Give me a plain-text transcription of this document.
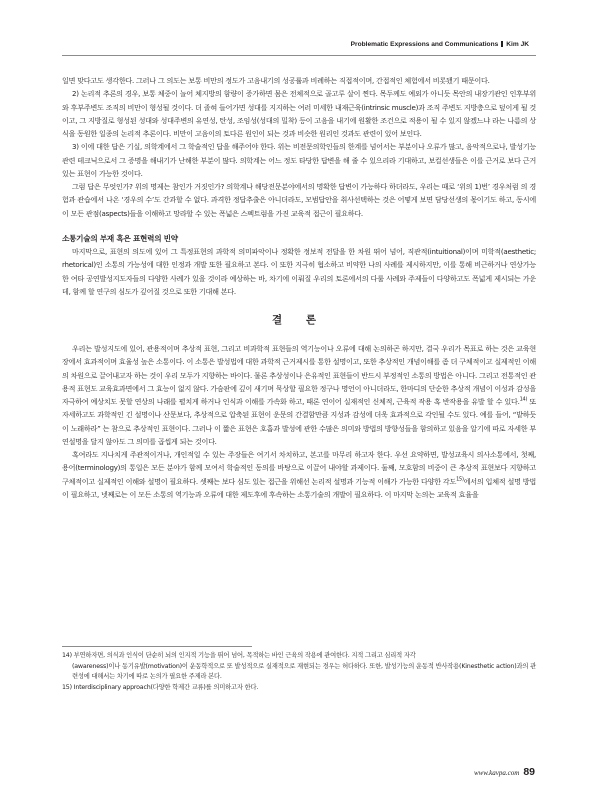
Problematic Expressions and Communications Kim JK

일면 맞다고도 생각한다. 그러나 그 의도는 보통 비만의 정도가 고음내기의 성공률과 비례하는 직접적이며, 간접적인 체험에서 비롯됐기 때문이다.

2) 논리적 추론의 경우, 보통 체중이 늘어 체지방의 함량이 증가하면 몸은 전체적으로 골고루 살이 찐다. 목두께도 예외가 아니듯 목안의 내장기관인 인후부위와 후부주변도 조직의 비만이 형성될 것이다. 더 졸혀 들어가면 성대를 지지하는 여러 미세한 내재근육(intrinsic muscle)과 조직 주변도 지방층으로 덮이게 될 것이고, 그 지방질로 형성된 성대와 성대주변의 유연성, 탄성, 조임성(성대의 밀착) 등이 고음을 내기에 원활한 조건으로 적용이 될 수 있지 않겠느냐 라는 나름의 상식을 동원한 일종의 논리적 추론이다. 비만이 고음이의 토다른 원인이 되는 것과 비슷한 원리인 것과도 관련이 있어 보인다.

3) 이에 대한 답은 기실, 의학계에서 그 학술적인 답을 해주어야 한다. 위는 비전문의학인들의 한계를 넘어서는 부분이나 오류가 많고, 음악적으로나, 발성기능관련 테크닉으로서 그 증명을 해내기가 난해한 부분이 많다. 의학계는 어느 정도 타당한 답변을 해 줄 수 있으리라 기대하고, 보컬선생들은 이를 근거로 보다 근거 있는 표현이 가능한 것이다.

그럼 답은 무엇인가? 위의 명제는 참인가 거짓인가? 의학계나 해당전문분야에서의 명확한 답변이 가능하다 하더라도, 우리는 때로 ‘위의 1)번’ 경우처럼 의 경험과 관습에서 나온 ‘경우의 수’도 간과할 수 없다. 과격한 정답추출은 아니더라도, 모범답안을 취사선택하는 것은 어떻게 보면 담당선생의 몫이기도 하고, 동시에 이 모든 관점(aspects)들을 이해하고 망라할 수 있는 폭넓은 스펙트럼을 가진 교육적 접근이 필요하다.

소통기술의 부재 혹은 표현력의 빈약

마지막으로, 표현의 의도에 있어 그 특정표현의 과학적 의미파악이나 정확한 정보적 전달을 한 차원 뛰어 넘어, 직관적(intuitional)이며 미학적(aesthetic; rhetorical)인 소통의 가능성에 대한 인정과 개발 또한 필요하고 본다. 이 또한 지극히 협소하고 비약한 나의 사례를 제시하지만, 이를 통해 비근하거나 연상가능한 여타 공연발성지도자들의 다양한 사례가 있을 것이라 예상하는 바, 차기에 이뤄질 우리의 토론에서의 다룰 사례와 주제들이 다양하고도 폭넓게 제시되는 가운데, 함께 할 연구의 심도가 깊어질 것으로 또한 기대해 본다.

결 론

우리는 발성지도에 있어, 관용적이며 추상적 표현, 그리고 비과학적 표현들의 역기능이나 오류에 대해 논의하곤 하지만, 결국 우리가 목표로 하는 것은 교육현장에서 효과적이며 효율성 높은 소통이다. 이 소통은 발성법에 대한 과학적 근거제시를 통한 설명이고, 또한 추상적인 개념이해를 좀 더 구체적이고 실제적인 이해의 차원으로 끌어내고자 하는 것이 우리 모두가 지향하는 바이다. 물론 추상성이나 은유적인 표현들이 반드시 부정적인 소통의 방법은 아니다. 그리고 전통적인 관용적 표현도 교육효과면에서 그 효능이 없지 않다. 가슴판에 깊이 새기며 묵상할 필요한 정구나 명언이 아니더라도, 한마디의 단순한 추상적 개념이 이성과 감성을 자극하여 예상치도 못할 연상의 나래를 펼치게 하거나 인식과 이해를 가속화 하고, 때론 연이어 실재적인 신체적, 근육적 작용 혹 반작용을 유발 할 수 있다.$^{14)}$ 또 자세하고도 과학적인 긴 설명이나 산문보다, 추상적으로 압축된 표현이 운문의 간결함만큼 지성과 감성에 더욱 효과적으로 각인될 수도 있다. 예를 들어, “밭하듯이 노래하라” 는 참으로 추상적인 표현이다. 그러나 이 짧은 표현은 호흡과 발성에 관한 수많은 의미와 방법의 방향성들을 함의하고 있음을 알기에 따로 자세한 부연설명을 달지 않아도 그 의미를 곱씹게 되는 것이다.

혹여라도 지나치게 주관적이거나, 개인적일 수 있는 주장들은 여기서 차치하고, 본고를 마무리 하고자 한다. 우선 요약하면, 발성교육시 의사소통에서, 첫째, 용어(terminology)의 통일은 모든 분야가 함께 모여서 학술적인 동의를 바탕으로 이끌어 내야할 과제이다. 둘째, 모호함의 비중이 큰 추상적 표현보다 지향하고 구체적이고 실제적인 이해와 설명이 필요하다. 셋째는 보다 심도 있는 접근을 위해선 논리적 설명과 기능적 이해가 가능한 다양한 각도$^{15)}$에서의 입체적 설명 방법이 필요하고, 넷째로는 이 모든 소통의 역기능과 오류에 대한 제도후에 후속하는 소통기술의 개발이 필요하다. 이 마지막 논의는 교육적 효율을

14) 부연하자면, 의식과 인식이 단순히 뇌의 인지적 기능을 뛰어 넘어, 목적하는 바인 근육의 작용에 관여한다. 지적 그리고 심리적 자각

(awareness)이나 동기유발(motivation)이 운동학적으로 또 발성적으로 실재적으로 재현되는 경우는 허다하다. 또한, 발성기능의 운동적 반사작용(Kinesthetic action)과의 관련성에 대해서는 차기에 따로 논의가 필요한 주제라 본다.

15) Interdisciplinary approach(다양한 학제간 교류)를 의미하고자 한다.

www.kavpa.com 89
